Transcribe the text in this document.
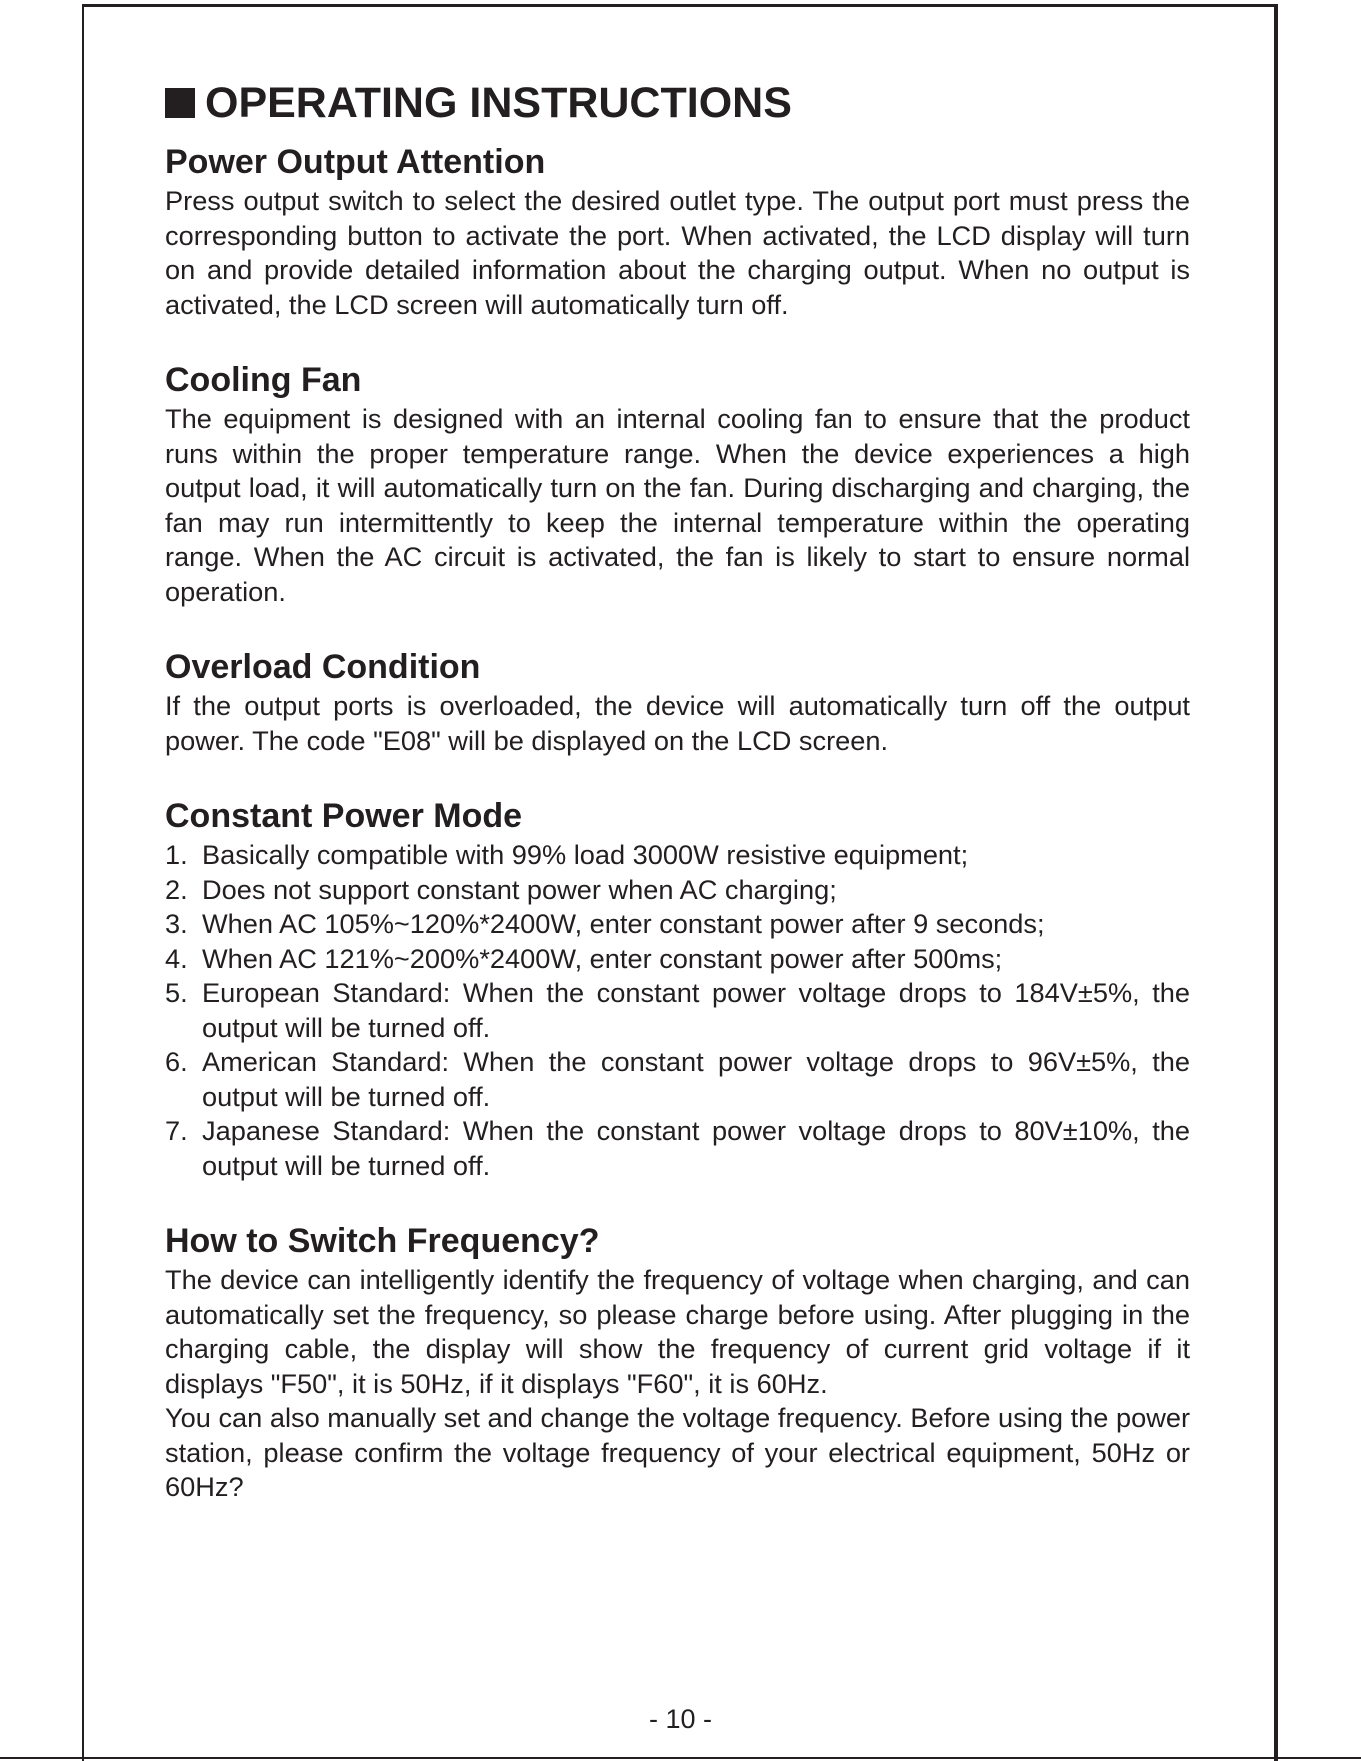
OPERATING INSTRUCTIONS
Power Output Attention

Press output switch to select the desired outlet type. The output port must press the corresponding button to activate the port. When activated, the LCD display will turn on and provide detailed information about the charging output. When no output is activated, the LCD screen will automatically turn off.

Cooling Fan

The equipment is designed with an internal cooling fan to ensure that the product runs within the proper temperature range. When the device experiences a high output load, it will automatically turn on the fan. During discharging and charging, the fan may run intermittently to keep the internal temperature within the operating range. When the AC circuit is activated, the fan is likely to start to ensure normal operation.

Overload Condition

If the output ports is overloaded, the device will automatically turn off the output power. The code "E08" will be displayed on the LCD screen.

Constant Power Mode
1. Basically compatible with 99% load 3000W resistive equipment;
2. Does not support constant power when AC charging;
3. When AC 105%~120%*2400W, enter constant power after 9 seconds;
4. When AC 121%~200%*2400W, enter constant power after 500ms;
5. European Standard: When the constant power voltage drops to 184V±5%, the output will be turned off.
6. American Standard: When the constant power voltage drops to 96V±5%, the output will be turned off.
7. Japanese Standard: When the constant power voltage drops to 80V±10%, the output will be turned off.
How to Switch Frequency?

The device can intelligently identify the frequency of voltage when charging, and can automatically set the frequency, so please charge before using. After plugging in the charging cable, the display will show the frequency of current grid voltage if it displays "F50", it is 50Hz, if it displays "F60", it is 60Hz.

You can also manually set and change the voltage frequency. Before using the power station, please confirm the voltage frequency of your electrical equipment, 50Hz or 60Hz?

- 10 -
